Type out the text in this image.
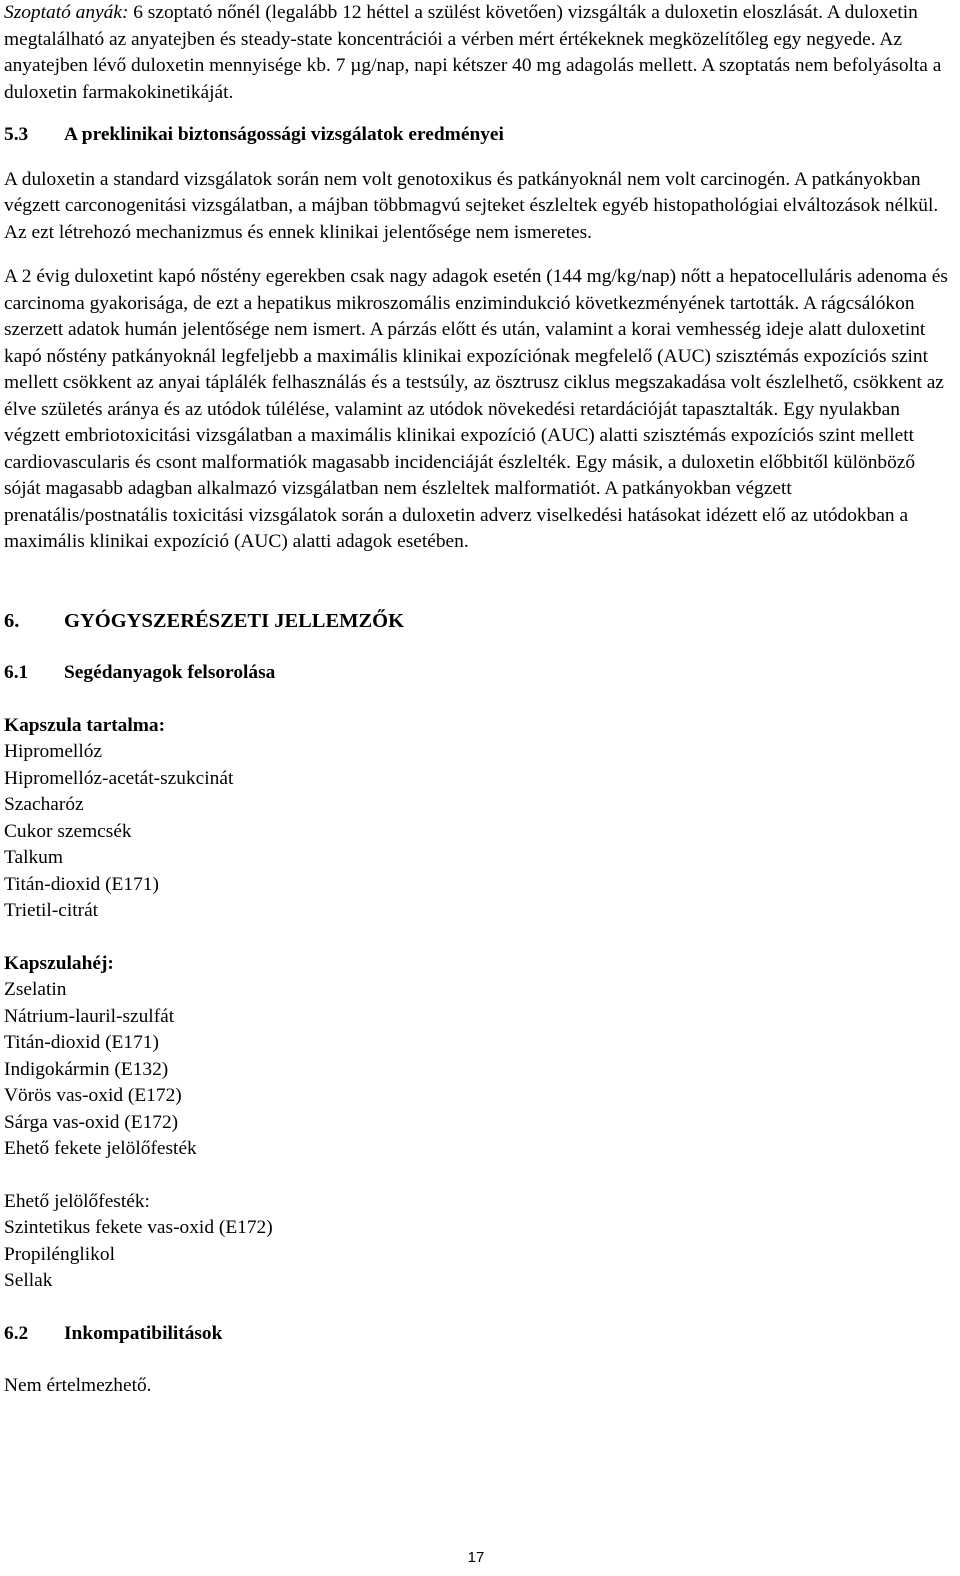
Szoptató anyák: 6 szoptató nőnél (legalább 12 héttel a szülést követően) vizsgálták a duloxetin eloszlását. A duloxetin megtalálható az anyatejben és steady-state koncentrációi a vérben mért értékeknek megközelítőleg egy negyede. Az anyatejben lévő duloxetin mennyisége kb. 7 µg/nap, napi kétszer 40 mg adagolás mellett. A szoptatás nem befolyásolta a duloxetin farmakokinetikáját.

5.3	A preklinikai biztonságossági vizsgálatok eredményei

A duloxetin a standard vizsgálatok során nem volt genotoxikus és patkányoknál nem volt carcinogén. A patkányokban végzett carconogenitási vizsgálatban, a májban többmagvú sejteket észleltek egyéb histopathológiai elváltozások nélkül. Az ezt létrehozó mechanizmus és ennek klinikai jelentősége nem ismeretes.

A 2 évig duloxetint kapó nőstény egerekben csak nagy adagok esetén (144 mg/kg/nap) nőtt a hepatocelluláris adenoma és carcinoma gyakorisága, de ezt a hepatikus mikroszomális enzimindukció következményének tartották. A rágcsálókon szerzett adatok humán jelentősége nem ismert. A párzás előtt és után, valamint a korai vemhesség ideje alatt duloxetint kapó nőstény patkányoknál legfeljebb a maximális klinikai expozíciónak megfelelő (AUC) szisztémás expozíciós szint mellett csökkent az anyai táplálék felhasználás és a testsúly, az ösztrusz ciklus megszakadása volt észlelhető, csökkent az élve születés aránya és az utódok túlélése, valamint az utódok növekedési retardációját tapasztalták. Egy nyulakban végzett embriotoxicitási vizsgálatban a maximális klinikai expozíció (AUC) alatti szisztémás expozíciós szint mellett cardiovascularis és csont malformatiók magasabb incidenciáját észlelték. Egy másik, a duloxetin előbbitől különböző sóját magasabb adagban alkalmazó vizsgálatban nem észleltek malformatiót. A patkányokban végzett prenatális/postnatális toxicitási vizsgálatok során a duloxetin adverz viselkedési hatásokat idézett elő az utódokban a maximális klinikai expozíció (AUC) alatti adagok esetében.

6.	GYÓGYSZERÉSZETI JELLEMZŐK
6.1	Segédanyagok felsorolása

Kapszula tartalma:

Hipromellóz
Hipromellóz-acetát-szukcinát
Szacharóz
Cukor szemcsék
Talkum
Titán-dioxid (E171)
Trietil-citrát

Kapszulahéj:

Zselatin
Nátrium-lauril-szulfát
Titán-dioxid (E171)
Indigokármin (E132)
Vörös vas-oxid (E172)
Sárga vas-oxid (E172)
Ehető fekete jelölőfesték

Ehető jelölőfesték:

Szintetikus fekete vas-oxid (E172)
Propilénglikol
Sellak
6.2	Inkompatibilitások

Nem értelmezhető.

17
